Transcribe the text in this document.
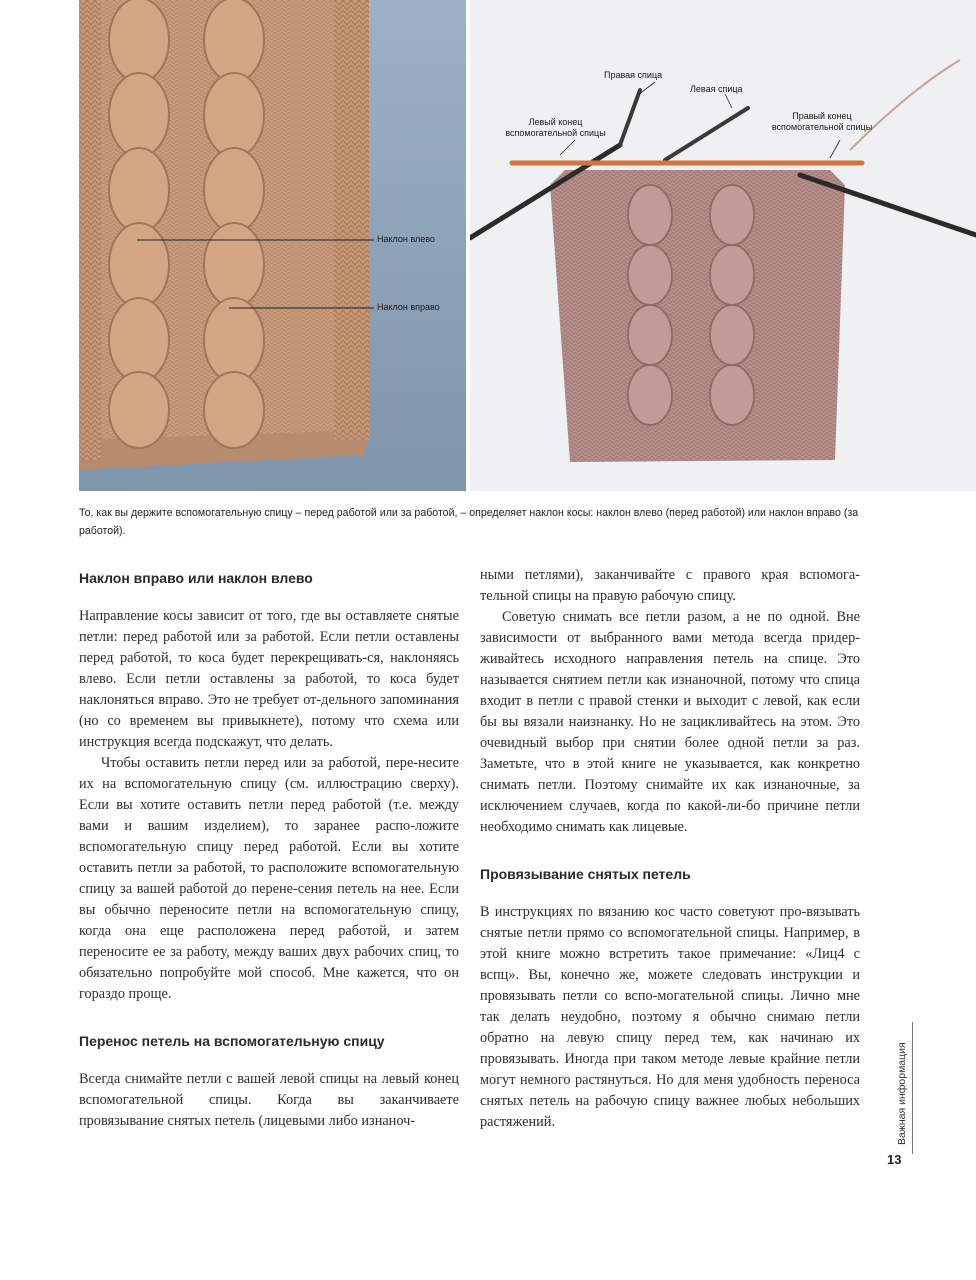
Наклон влево
Наклон вправо
Правая спица
Левая спица
Левый конец
вспомогательной спицы
Правый конец
вспомогательной спицы
То, как вы держите вспомогательную спицу – перед работой или за работой, – определяет наклон косы: наклон влево (перед работой) или наклон вправо (за работой).
Наклон вправо или наклон влево

Направление косы зависит от того, где вы оставляете снятые петли: перед работой или за работой. Если петли оставлены перед работой, то коса будет перекрещивать-ся, наклоняясь влево. Если петли оставлены за работой, то коса будет наклоняться вправо. Это не требует от-дельного запоминания (но со временем вы привыкнете), потому что схема или инструкция всегда подскажут, что делать.

Чтобы оставить петли перед или за работой, пере-несите их на вспомогательную спицу (см. иллюстрацию сверху). Если вы хотите оставить петли перед работой (т.е. между вами и вашим изделием), то заранее распо-ложите вспомогательную спицу перед работой. Если вы хотите оставить петли за работой, то расположите вспомогательную спицу за вашей работой до перене-сения петель на нее. Если вы обычно переносите петли на вспомогательную спицу, когда она еще расположена перед работой, и затем переносите ее за работу, между ваших двух рабочих спиц, то обязательно попробуйте мой способ. Мне кажется, что он гораздо проще.

Перенос петель на вспомогательную спицу

Всегда снимайте петли с вашей левой спицы на левый конец вспомогательной спицы. Когда вы заканчиваете провязывание снятых петель (лицевыми либо изнаноч-

ными петлями), заканчивайте с правого края вспомога-тельной спицы на правую рабочую спицу.

Советую снимать все петли разом, а не по одной. Вне зависимости от выбранного вами метода всегда придер-живайтесь исходного направления петель на спице. Это называется снятием петли как изнаночной, потому что спица входит в петли с правой стенки и выходит с левой, как если бы вы вязали наизнанку. Но не зацикливайтесь на этом. Это очевидный выбор при снятии более одной петли за раз. Заметьте, что в этой книге не указывается, как конкретно снимать петли. Поэтому снимайте их как изнаночные, за исключением случаев, когда по какой-ли-бо причине петли необходимо снимать как лицевые.

Провязывание снятых петель

В инструкциях по вязанию кос часто советуют про-вязывать снятые петли прямо со вспомогательной спицы. Например, в этой книге можно встретить такое примечание: «Лиц4 с вспц». Вы, конечно же, можете следовать инструкции и провязывать петли со вспо-могательной спицы. Лично мне так делать неудобно, поэтому я обычно снимаю петли обратно на левую спицу перед тем, как начинаю их провязывать. Иногда при таком методе левые крайние петли могут немного растянуться. Но для меня удобность переноса снятых петель на рабочую спицу важнее любых небольших растяжений.	Важная информация
13
